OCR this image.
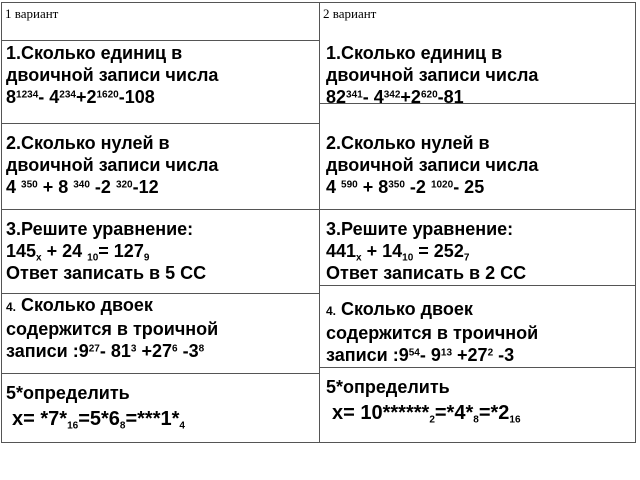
1 вариант	2 вариант
1.Сколько единиц в
двоичной записи числа
$8^{1234}-$ $4^{234}+2^{1620}-108$
2.Сколько нулей в
двоичной записи числа
4 $^{350}$ + 8 $^{340}$ -2 $^{320}$-12
3.Решите уравнение:
$145_x + 24$ $_{10}= 127_9$
Ответ записать в 5 СС
4. Сколько двоек
содержится в троичной
записи $:9^{27}-$ $81^3 +27^6$ $-3^8$
5*определить
$x= *7*_{16}=5*6_8=***1*_4$
1.Сколько единиц в
двоичной записи числа
$82^{341}-$ $4^{342}+2^{620}-81$
2.Сколько нулей в
двоичной записи числа
4 $^{590} + 8^{350}$ -2 $^{1020}$- 25
3.Решите уравнение:
$441_x + 14_{10} = 252_7$
Ответ записать в 2 СС
4. Сколько двоек
содержится в троичной
записи $:9^{54}-$ $9^{13} +27^2$ -3
5*определить
$x= 10******_2=*4*_8=*2_{16}$
